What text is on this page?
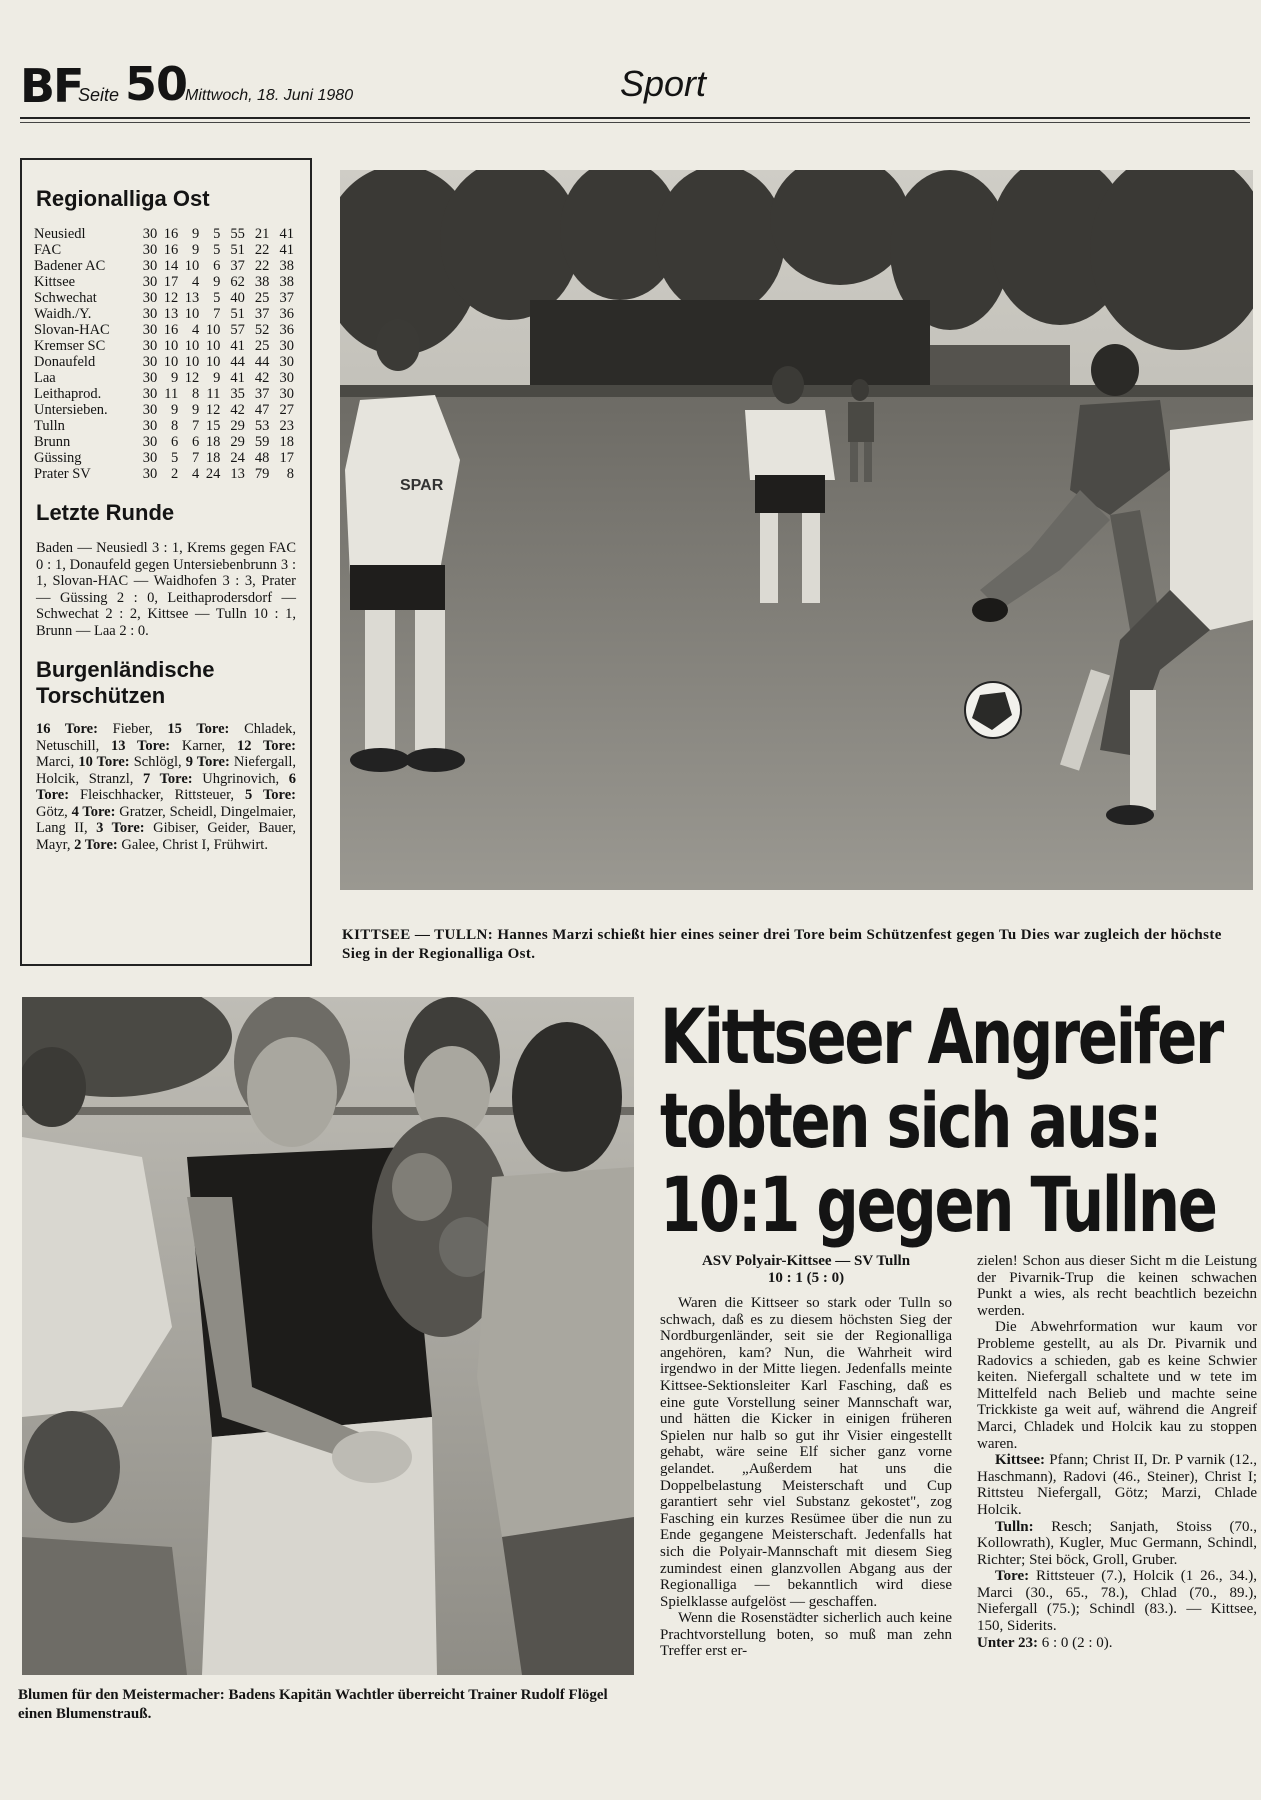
BF
Seite 50
Mittwoch, 18. Juni 1980	Sport
Regionalliga Ost
Neusiedl	30	16	9	5	55	21	41
FAC	30	16	9	5	51	22	41
Badener AC	30	14	10	6	37	22	38
Kittsee	30	17	4	9	62	38	38
Schwechat	30	12	13	5	40	25	37
Waidh./Y.	30	13	10	7	51	37	36
Slovan-HAC	30	16	4	10	57	52	36
Kremser SC	30	10	10	10	41	25	30
Donaufeld	30	10	10	10	44	44	30
Laa	30	9	12	9	41	42	30
Leithaprod.	30	11	8	11	35	37	30
Untersieben.	30	9	9	12	42	47	27
Tulln	30	8	7	15	29	53	23
Brunn	30	6	6	18	29	59	18
Güssing	30	5	7	18	24	48	17
Prater SV	30	2	4	24	13	79	8
Letzte Runde
Baden — Neusiedl 3 : 1, Krems gegen FAC 0 : 1, Donaufeld gegen Untersiebenbrunn 3 : 1, Slovan-HAC — Waidhofen 3 : 3, Prater — Güssing 2 : 0, Leithaprodersdorf — Schwechat 2 : 2, Kittsee — Tulln 10 : 1, Brunn — Laa 2 : 0.
Burgenländische
Torschützen
16 Tore: Fieber, 15 Tore: Chladek, Netuschill, 13 Tore: Karner, 12 Tore: Marci, 10 Tore: Schlögl, 9 Tore: Niefergall, Holcik, Stranzl, 7 Tore: Uhgrinovich, 6 Tore: Fleischhacker, Rittsteuer, 5 Tore: Götz, 4 Tore: Gratzer, Scheidl, Dingelmaier, Lang II, 3 Tore: Gibiser, Geider, Bauer, Mayr, 2 Tore: Galee, Christ I, Frühwirt.
SPAR
KITTSEE — TULLN: Hannes Marzi schießt hier eines seiner drei Tore beim Schützenfest gegen Tu Dies war zugleich der höchste Sieg in der Regionalliga Ost.
Blumen für den Meistermacher: Badens Kapitän Wachtler überreicht Trainer Rudolf Flögel einen Blumenstrauß.
Kittseer Angreifer
tobten sich aus:
10:1 gegen Tullne

ASV Polyair-Kittsee — SV Tulln
10 : 1 (5 : 0)

Waren die Kittseer so stark oder Tulln so schwach, daß es zu diesem höchsten Sieg der Nordburgenländer, seit sie der Regionalliga angehören, kam? Nun, die Wahrheit wird irgendwo in der Mitte liegen. Jedenfalls meinte Kittsee-Sektionsleiter Karl Fasching, daß es eine gute Vorstellung seiner Mannschaft war, und hätten die Kicker in einigen früheren Spielen nur halb so gut ihr Visier eingestellt gehabt, wäre seine Elf sicher ganz vorne gelandet. „Außerdem hat uns die Doppelbelastung Meisterschaft und Cup garantiert sehr viel Substanz gekostet", zog Fasching ein kurzes Resümee über die nun zu Ende gegangene Meisterschaft. Jedenfalls hat sich die Polyair-Mannschaft mit diesem Sieg zumindest einen glanzvollen Abgang aus der Regionalliga — bekanntlich wird diese Spielklasse aufgelöst — geschaffen.

Wenn die Rosenstädter sicherlich auch keine Prachtvorstellung boten, so muß man zehn Treffer erst er-

zielen! Schon aus dieser Sicht m die Leistung der Pivarnik-Trup die keinen schwachen Punkt a wies, als recht beachtlich bezeichn werden.

Die Abwehrformation wur kaum vor Probleme gestellt, au als Dr. Pivarnik und Radovics a schieden, gab es keine Schwier keiten. Niefergall schaltete und w tete im Mittelfeld nach Belieb und machte seine Trickkiste ga weit auf, während die Angreif Marci, Chladek und Holcik kau zu stoppen waren.

Kittsee: Pfann; Christ II, Dr. P varnik (12., Haschmann), Radovi (46., Steiner), Christ I; Rittsteu Niefergall, Götz; Marzi, Chlade Holcik.

Tulln: Resch; Sanjath, Stoiss (70., Kollowrath), Kugler, Muc Germann, Schindl, Richter; Stei böck, Groll, Gruber.

Tore: Rittsteuer (7.), Holcik (1 26., 34.), Marci (30., 65., 78.), Chlad (70., 89.), Niefergall (75.); Schindl (83.). — Kittsee, 150, Siderits.

Unter 23: 6 : 0 (2 : 0).
